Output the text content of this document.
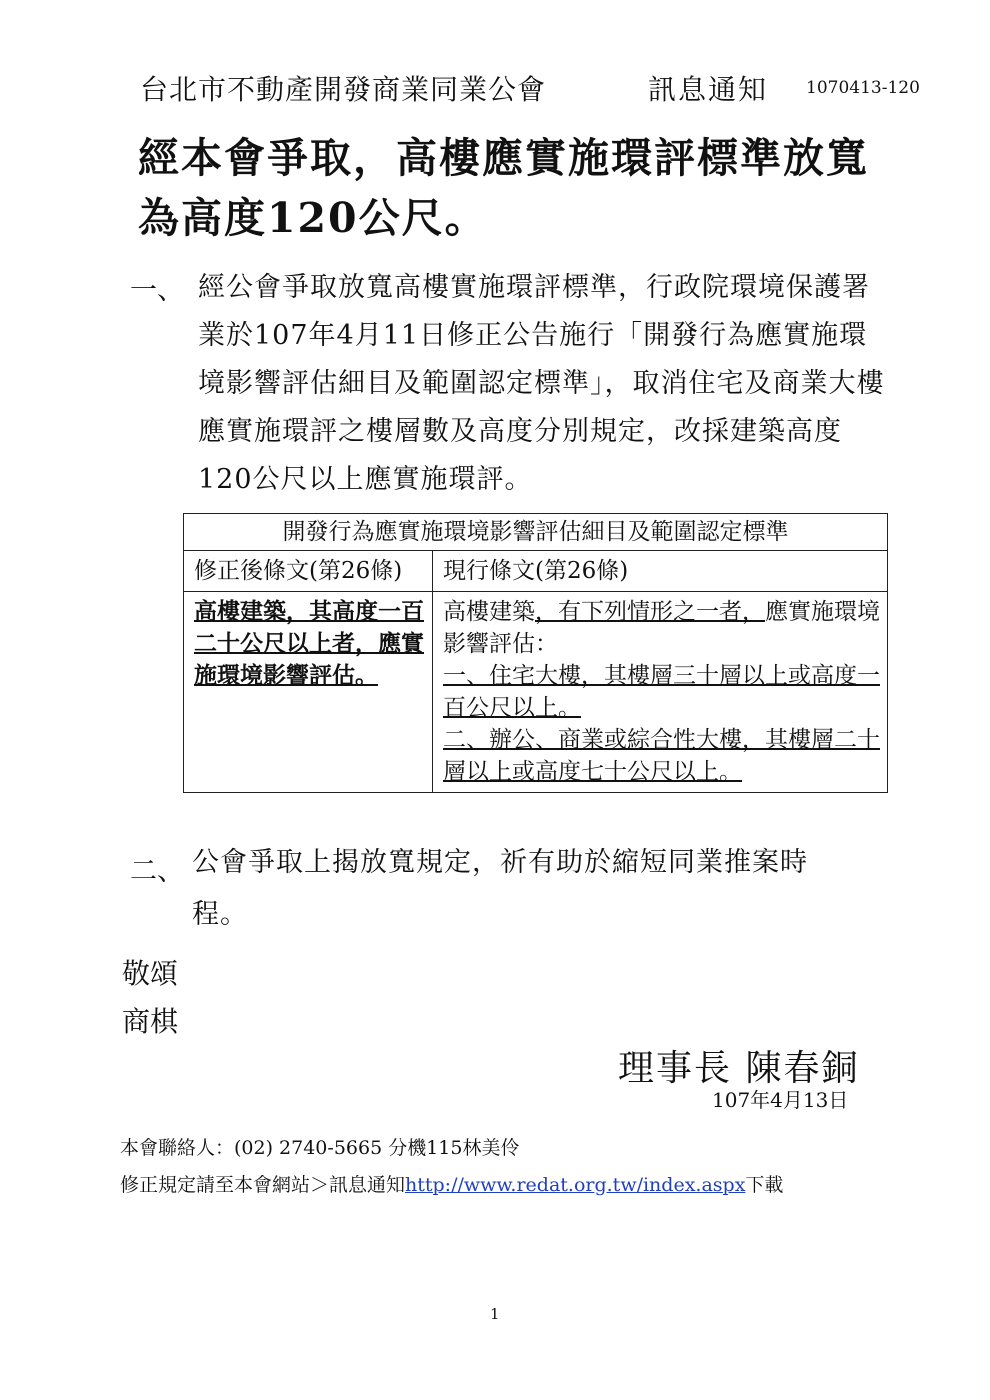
台北市不動產開發商業同業公會	訊息通知 1070413-120
經本會爭取，高樓應實施環評標準放寬為高度120公尺。
一、 經公會爭取放寬高樓實施環評標準，行政院環境保護署業於107年4月11日修正公告施行「開發行為應實施環境影響評估細目及範圍認定標準」，取消住宅及商業大樓應實施環評之樓層數及高度分別規定，改採建築高度120公尺以上應實施環評。
開發行為應實施環境影響評估細目及範圍認定標準	
修正後條文(第26條)	現行條文(第26條)
高樓建築，其高度一百二十公尺以上者，應實施環境影響評估。	高樓建築，有下列情形之一者，應實施環境影響評估：
一、住宅大樓，其樓層三十層以上或高度一百公尺以上。
二、辦公、商業或綜合性大樓，其樓層二十層以上或高度七十公尺以上。
二、 公會爭取上揭放寬規定，祈有助於縮短同業推案時程。
敬頌
商棋
理事長 陳春銅
107年4月13日
本會聯絡人：(02) 2740-5665 分機115林美伶
修正規定請至本會網站＞訊息通知http://www.redat.org.tw/index.aspx下載
1
